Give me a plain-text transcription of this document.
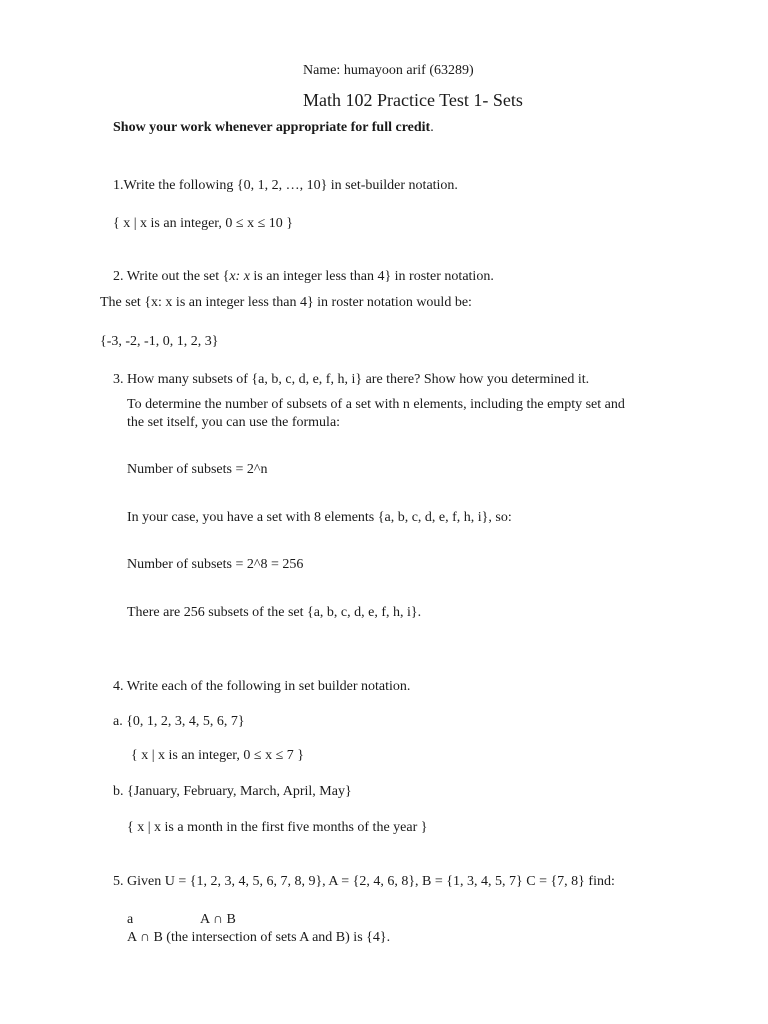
Name: humayoon arif (63289)
Math 102 Practice Test 1- Sets
Show your work whenever appropriate for full credit.
1.Write the following {0, 1, 2, …, 10} in set-builder notation.
{ x | x is an integer, 0 ≤ x ≤ 10 }
2. Write out the set {x: x is an integer less than 4} in roster notation.
The set {x: x is an integer less than 4} in roster notation would be:
{-3, -2, -1, 0, 1, 2, 3}
3. How many subsets of {a, b, c, d, e, f, h, i} are there? Show how you determined it.
To determine the number of subsets of a set with n elements, including the empty set and
the set itself, you can use the formula:
Number of subsets = 2^n
In your case, you have a set with 8 elements {a, b, c, d, e, f, h, i}, so:
Number of subsets = 2^8 = 256
There are 256 subsets of the set {a, b, c, d, e, f, h, i}.
4. Write each of the following in set builder notation.
a. {0, 1, 2, 3, 4, 5, 6, 7}
{ x | x is an integer, 0 ≤ x ≤ 7 }
b. {January, February, March, April, May}
{ x | x is a month in the first five months of the year }
5. Given U = {1, 2, 3, 4, 5, 6, 7, 8, 9}, A = {2, 4, 6, 8}, B = {1, 3, 4, 5, 7} C = {7, 8} find:
a	A ∩ B
A ∩ B (the intersection of sets A and B) is {4}.
